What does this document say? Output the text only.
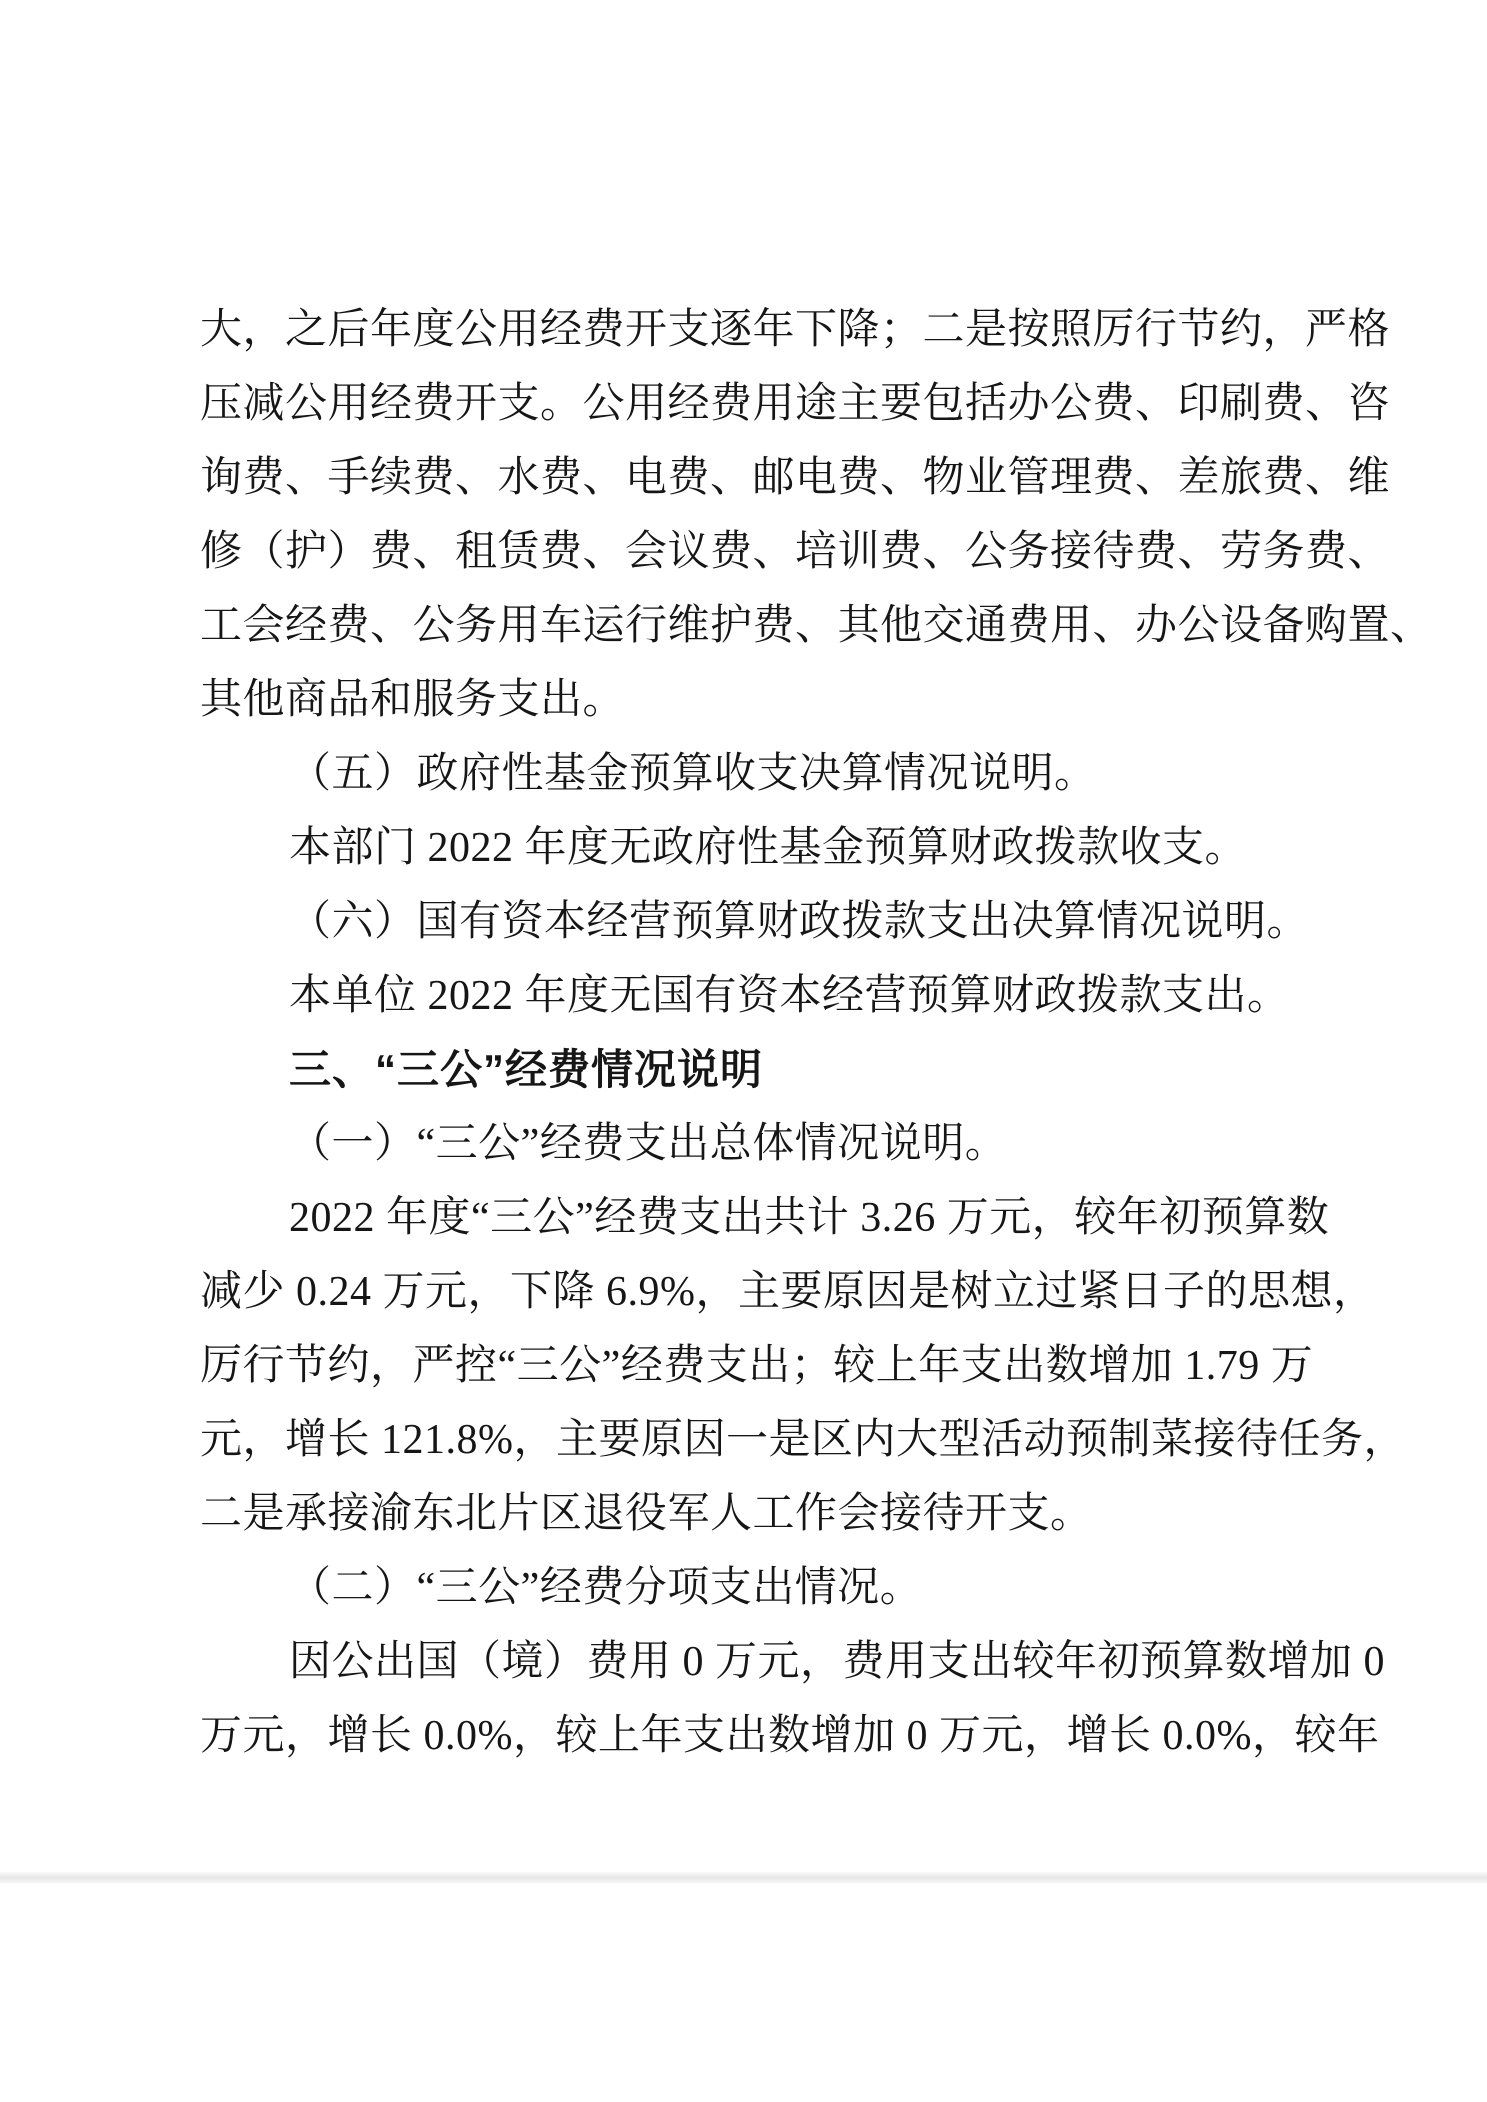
大，之后年度公用经费开支逐年下降；二是按照厉行节约，严格
压减公用经费开支。公用经费用途主要包括办公费、印刷费、咨
询费、手续费、水费、电费、邮电费、物业管理费、差旅费、维
修（护）费、租赁费、会议费、培训费、公务接待费、劳务费、
工会经费、公务用车运行维护费、其他交通费用、办公设备购置、
其他商品和服务支出。
（五）政府性基金预算收支决算情况说明。
本部门 2022 年度无政府性基金预算财政拨款收支。
（六）国有资本经营预算财政拨款支出决算情况说明。
本单位 2022 年度无国有资本经营预算财政拨款支出。
三、“三公”经费情况说明
（一）“三公”经费支出总体情况说明。
2022 年度“三公”经费支出共计 3.26 万元，较年初预算数
减少 0.24 万元，下降 6.9%，主要原因是树立过紧日子的思想，
厉行节约，严控“三公”经费支出；较上年支出数增加 1.79 万
元，增长 121.8%，主要原因一是区内大型活动预制菜接待任务，
二是承接渝东北片区退役军人工作会接待开支。
（二）“三公”经费分项支出情况。
因公出国（境）费用 0 万元，费用支出较年初预算数增加 0
万元，增长 0.0%，较上年支出数增加 0 万元，增长 0.0%，较年
